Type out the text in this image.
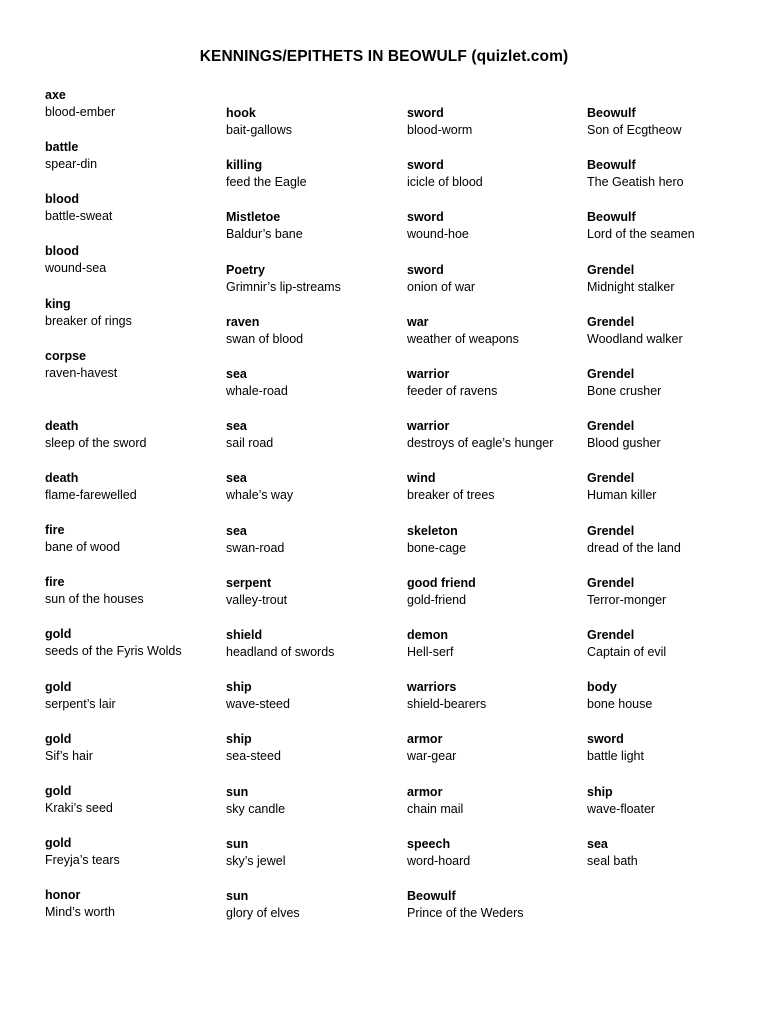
KENNINGS/EPITHETS IN BEOWULF (quizlet.com)
axe
blood-ember
battle
spear-din
blood
battle-sweat
blood
wound-sea
king
breaker of rings
corpse
raven-havest
death
sleep of the sword
death
flame-farewelled
fire
bane of wood
fire
sun of the houses
gold
seeds of the Fyris Wolds
gold
serpent’s lair
gold
Sif’s hair
gold
Kraki’s seed
gold
Freyja’s tears
honor
Mind’s worth
hook
bait-gallows
killing
feed the Eagle
Mistletoe
Baldur’s bane
Poetry
Grimnir’s lip-streams
raven
swan of blood
sea
whale-road
sea
sail road
sea
whale’s way
sea
swan-road
serpent
valley-trout
shield
headland of swords
ship
wave-steed
ship
sea-steed
sun
sky candle
sun
sky’s jewel
sun
glory of elves
sword
blood-worm
sword
icicle of blood
sword
wound-hoe
sword
onion of war
war
weather of weapons
warrior
feeder of ravens
warrior
destroys of eagle’s hunger
wind
breaker of trees
skeleton
bone-cage
good friend
gold-friend
demon
Hell-serf
warriors
shield-bearers
armor
war-gear
armor
chain mail
speech
word-hoard
Beowulf
Prince of the Weders
Beowulf
Son of Ecgtheow
Beowulf
The Geatish hero
Beowulf
Lord of the seamen
Grendel
Midnight stalker
Grendel
Woodland walker
Grendel
Bone crusher
Grendel
Blood gusher
Grendel
Human killer
Grendel
dread of the land
Grendel
Terror-monger
Grendel
Captain of evil
body
bone house
sword
battle light
ship
wave-floater
sea
seal bath
